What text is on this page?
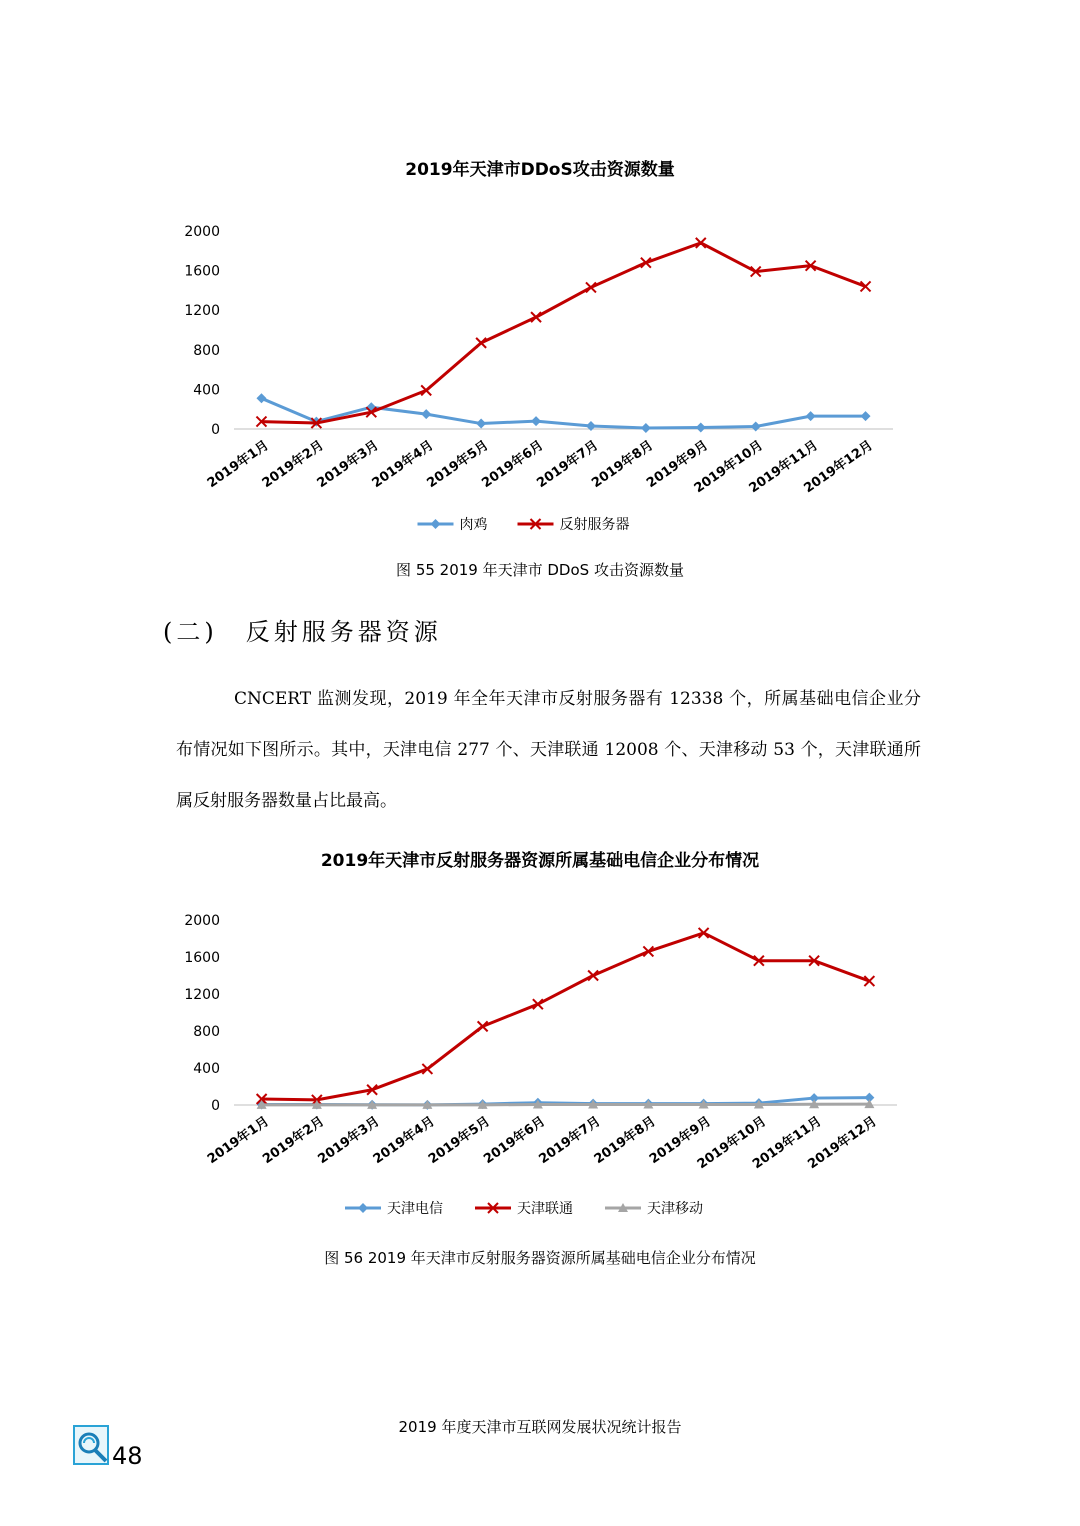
2019年天津市DDoS攻击资源数量
0
400
800
1200
1600
2000
2019年1月
2019年2月
2019年3月
2019年4月
2019年5月
2019年6月
2019年7月
2019年8月
2019年9月
2019年10月
2019年11月
2019年12月
肉鸡	反射服务器
图 55 2019 年天津市 DDoS 攻击资源数量
(二)　反射服务器资源

CNCERT 监测发现，2019 年全年天津市反射服务器有 12338 个，所属基础电信企业分布情况如下图所示。其中，天津电信 277 个、天津联通 12008 个、天津移动 53 个，天津联通所属反射服务器数量占比最高。

2019年天津市反射服务器资源所属基础电信企业分布情况
0
400
800
1200
1600
2000
2019年1月
2019年2月
2019年3月
2019年4月
2019年5月
2019年6月
2019年7月
2019年8月
2019年9月
2019年10月
2019年11月
2019年12月
天津电信	天津联通	天津移动
图 56 2019 年天津市反射服务器资源所属基础电信企业分布情况
2019 年度天津市互联网发展状况统计报告
48
